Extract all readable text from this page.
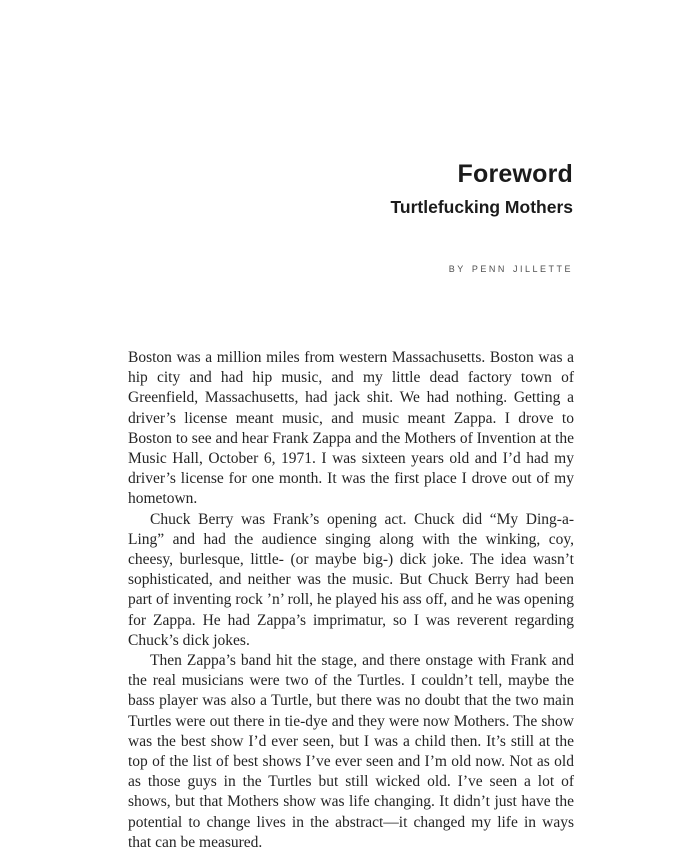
Foreword
Turtlefucking Mothers
by penn jillette

Boston was a million miles from western Massachusetts. Boston was a hip city and had hip music, and my little dead factory town of Greenfield, Massachusetts, had jack shit. We had nothing. Getting a driver’s license meant music, and music meant Zappa. I drove to Boston to see and hear Frank Zappa and the Mothers of Invention at the Music Hall, October 6, 1971. I was sixteen years old and I’d had my driver’s license for one month. It was the first place I drove out of my hometown.

Chuck Berry was Frank’s opening act. Chuck did “My Ding-a-Ling” and had the audience singing along with the winking, coy, cheesy, burlesque, little- (or maybe big-) dick joke. The idea wasn’t sophisticated, and neither was the music. But Chuck Berry had been part of inventing rock ’n’ roll, he played his ass off, and he was opening for Zappa. He had Zappa’s imprimatur, so I was reverent regarding Chuck’s dick jokes.

Then Zappa’s band hit the stage, and there onstage with Frank and the real musicians were two of the Turtles. I couldn’t tell, maybe the bass player was also a Turtle, but there was no doubt that the two main Turtles were out there in tie-dye and they were now Mothers. The show was the best show I’d ever seen, but I was a child then. It’s still at the top of the list of best shows I’ve ever seen and I’m old now. Not as old as those guys in the Turtles but still wicked old. I’ve seen a lot of shows, but that Mothers show was life changing. It didn’t just have the potential to change lives in the abstract—it changed my life in ways that can be measured.
